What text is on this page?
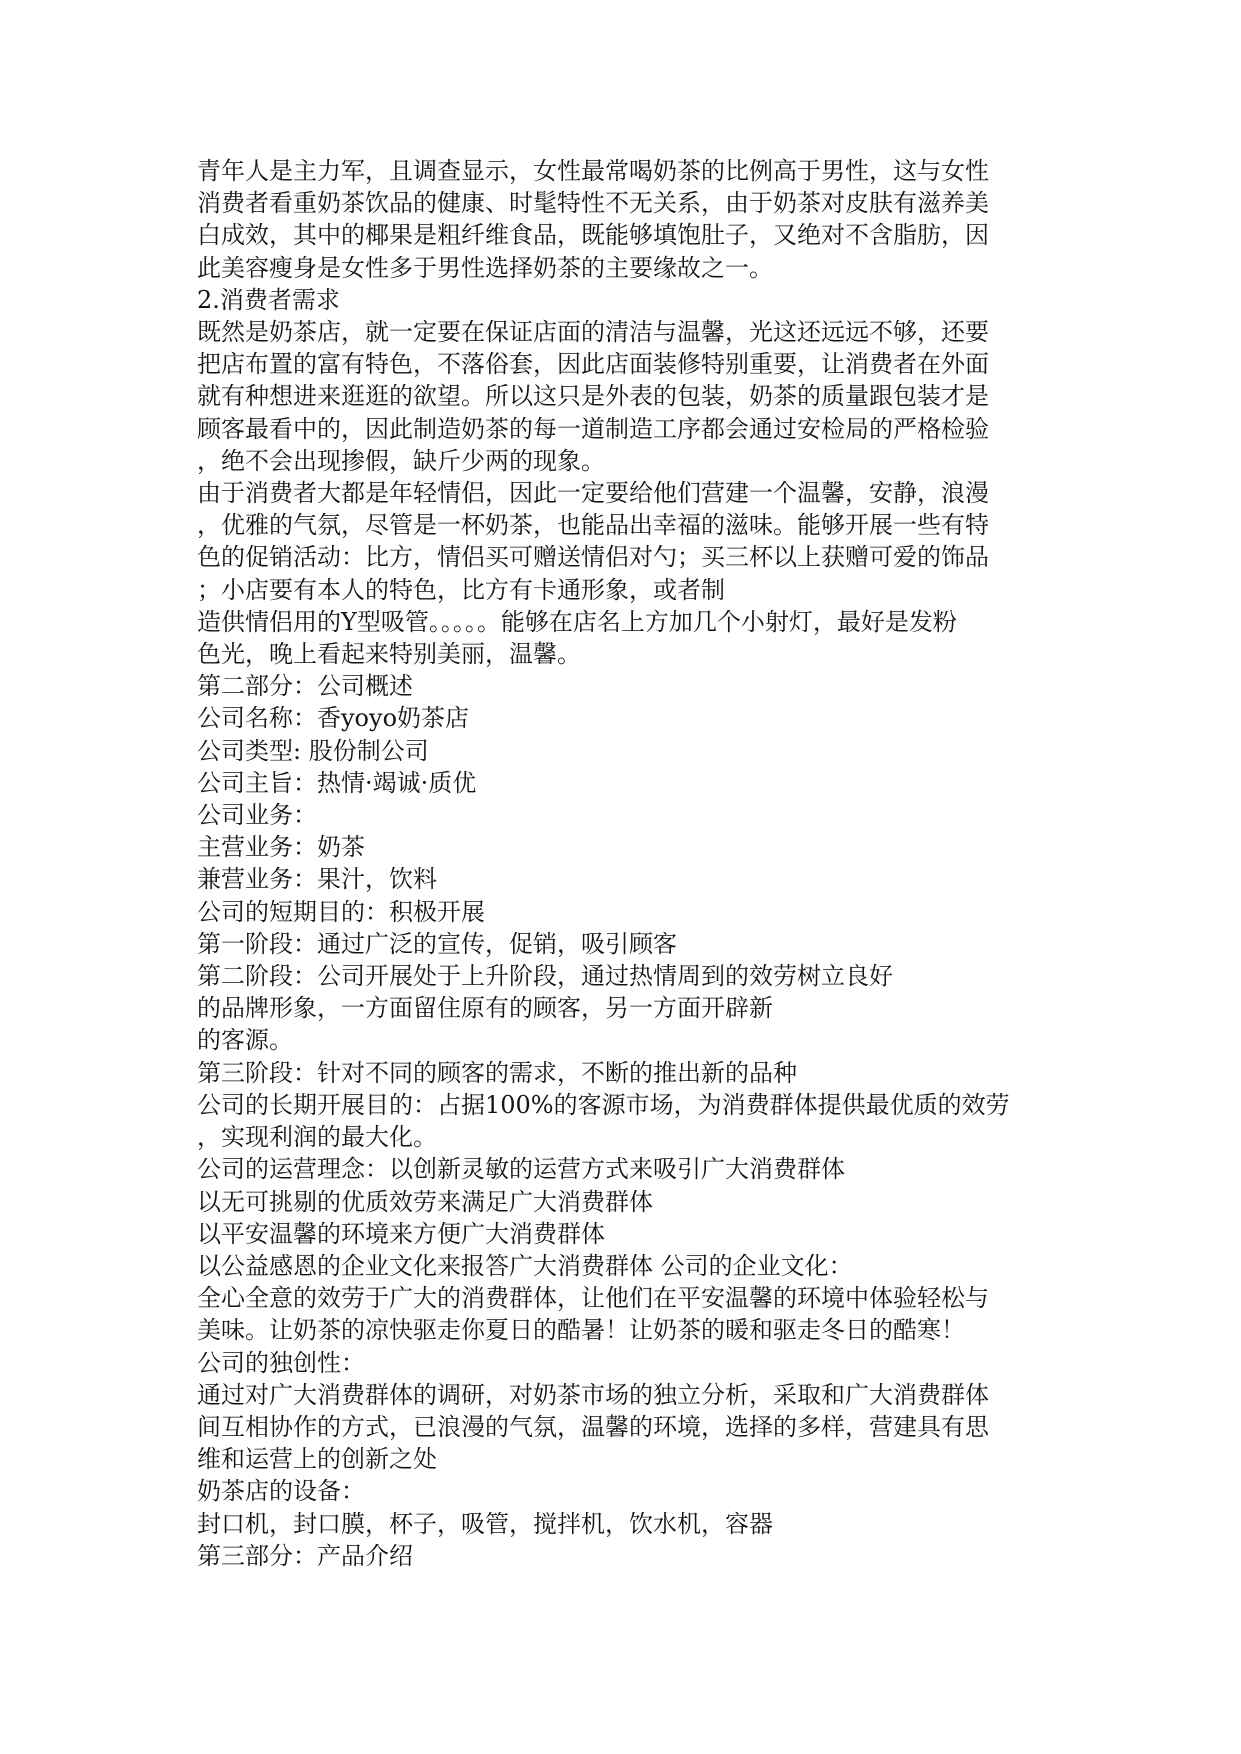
青年人是主力军，且调查显示，女性最常喝奶茶的比例高于男性，这与女性
消费者看重奶茶饮品的健康、时髦特性不无关系，由于奶茶对皮肤有滋养美
白成效，其中的椰果是粗纤维食品，既能够填饱肚子，又绝对不含脂肪，因
此美容瘦身是女性多于男性选择奶茶的主要缘故之一。
2.消费者需求
既然是奶茶店，就一定要在保证店面的清洁与温馨，光这还远远不够，还要
把店布置的富有特色，不落俗套，因此店面装修特别重要，让消费者在外面
就有种想进来逛逛的欲望。所以这只是外表的包装，奶茶的质量跟包装才是
顾客最看中的，因此制造奶茶的每一道制造工序都会通过安检局的严格检验
，绝不会出现掺假，缺斤少两的现象。
由于消费者大都是年轻情侣，因此一定要给他们营建一个温馨，安静，浪漫
，优雅的气氛，尽管是一杯奶茶，也能品出幸福的滋味。能够开展一些有特
色的促销活动：比方，情侣买可赠送情侣对勺；买三杯以上获赠可爱的饰品
；小店要有本人的特色，比方有卡通形象，或者制
造供情侣用的Y型吸管。。。。。能够在店名上方加几个小射灯，最好是发粉
色光，晚上看起来特别美丽，温馨。
第二部分：公司概述
公司名称：香yoyo奶茶店
公司类型: 股份制公司
公司主旨：热情·竭诚·质优
公司业务：
主营业务：奶茶
兼营业务：果汁，饮料
公司的短期目的：积极开展
第一阶段：通过广泛的宣传，促销，吸引顾客
第二阶段：公司开展处于上升阶段，通过热情周到的效劳树立良好
的品牌形象，一方面留住原有的顾客，另一方面开辟新
的客源。
第三阶段：针对不同的顾客的需求，不断的推出新的品种
公司的长期开展目的：占据100%的客源市场，为消费群体提供最优质的效劳
，实现利润的最大化。
公司的运营理念：以创新灵敏的运营方式来吸引广大消费群体
以无可挑剔的优质效劳来满足广大消费群体
以平安温馨的环境来方便广大消费群体
以公益感恩的企业文化来报答广大消费群体 公司的企业文化：
全心全意的效劳于广大的消费群体，让他们在平安温馨的环境中体验轻松与
美味。让奶茶的凉快驱走你夏日的酷暑！让奶茶的暖和驱走冬日的酷寒！
公司的独创性：
通过对广大消费群体的调研，对奶茶市场的独立分析，采取和广大消费群体
间互相协作的方式，已浪漫的气氛，温馨的环境，选择的多样，营建具有思
维和运营上的创新之处
奶茶店的设备：
封口机，封口膜，杯子，吸管，搅拌机，饮水机，容器
第三部分：产品介绍
